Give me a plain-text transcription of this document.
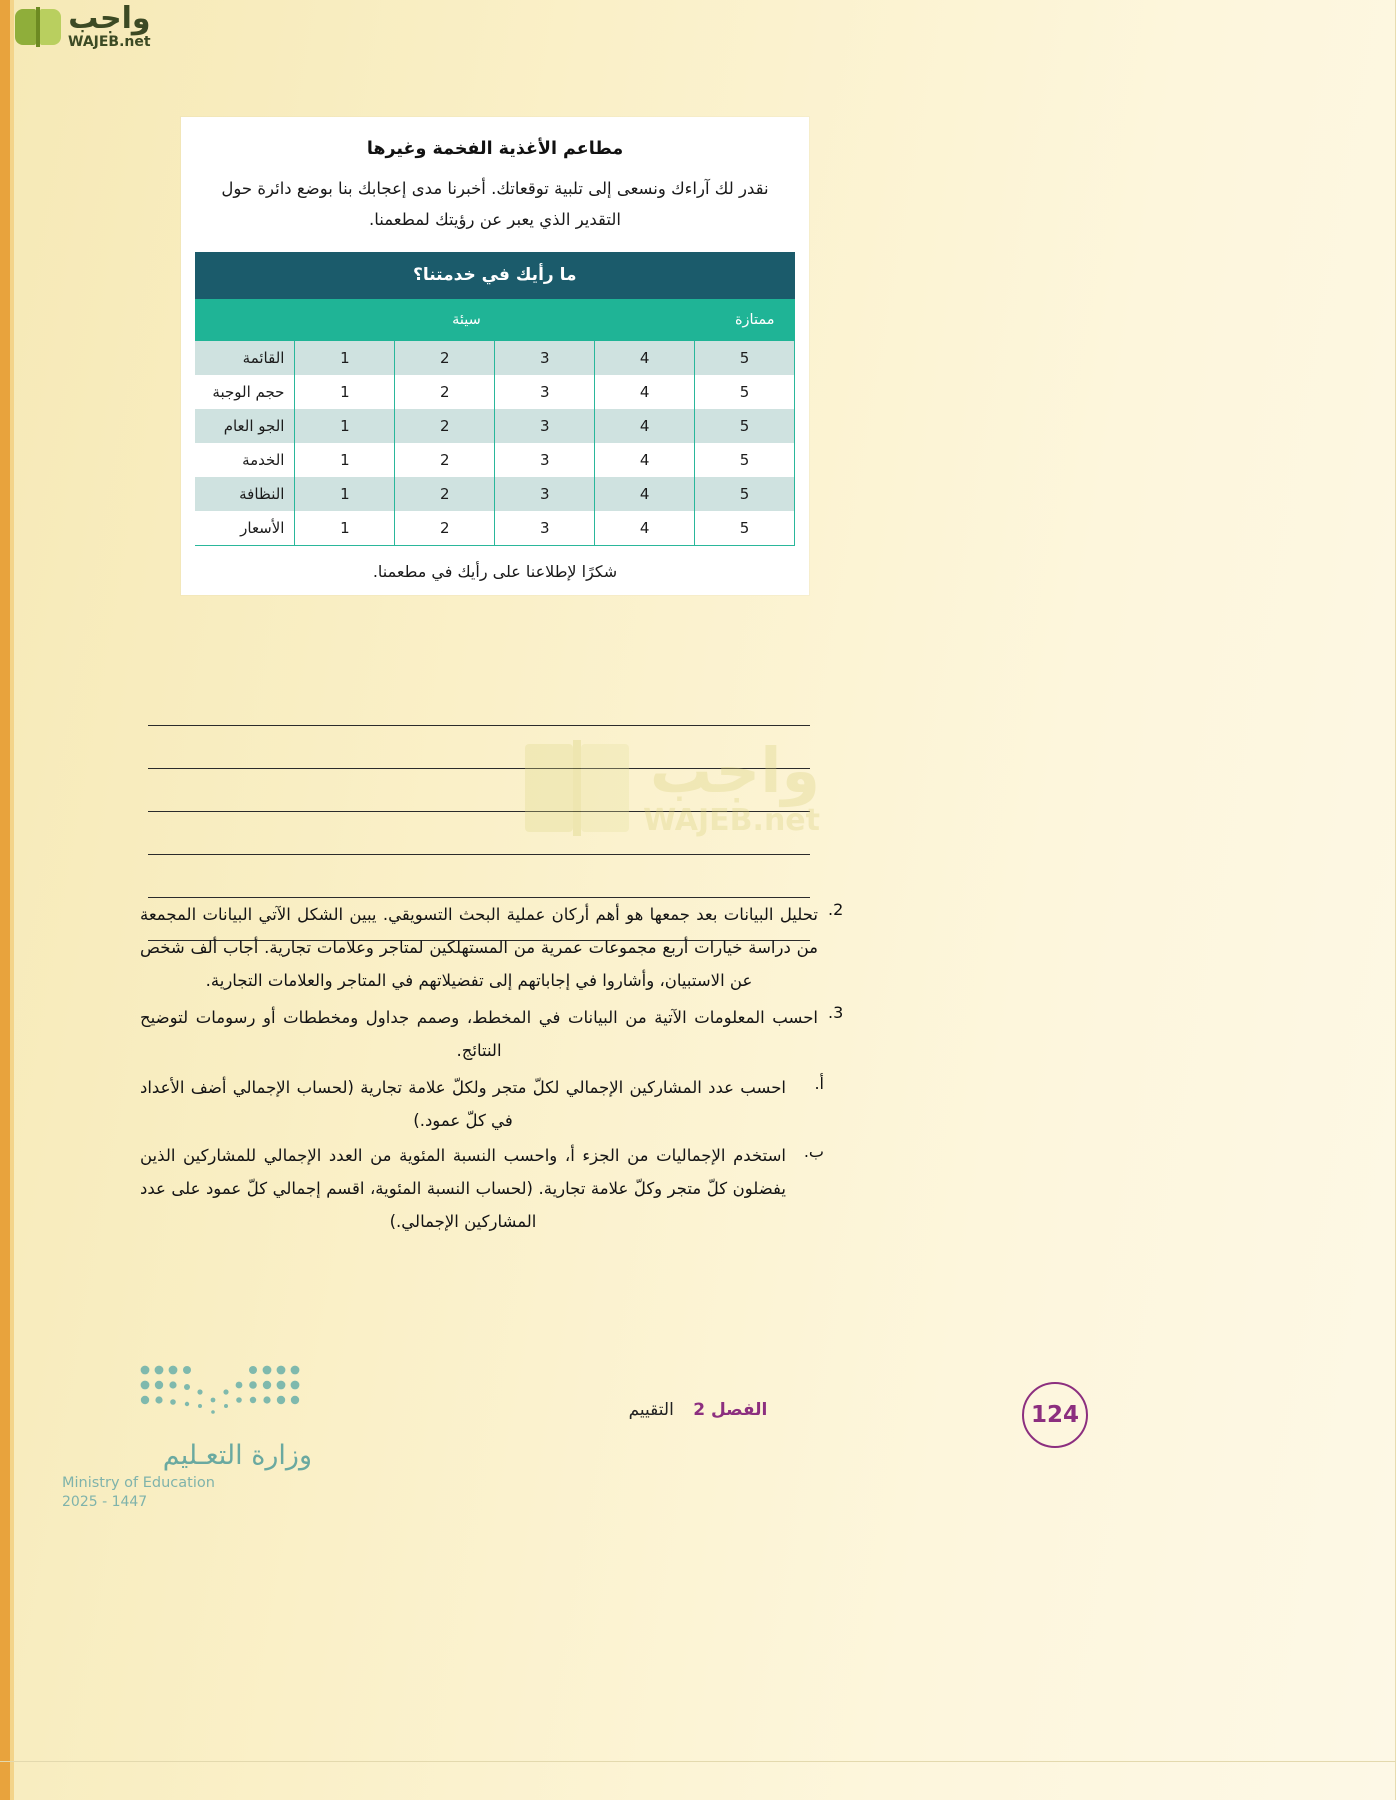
واجب
WAJEB.net
مطاعم الأغذية الفخمة وغيرها
نقدر لك آراءك ونسعى إلى تلبية توقعاتك. أخبرنا مدى إعجابك بنا بوضع دائرة حول التقدير الذي يعبر عن رؤيتك لمطعمنا.
ما رأيك في خدمتنا؟					
ممتازة			سيئة		
5	4	3	2	1	القائمة
5	4	3	2	1	حجم الوجبة
5	4	3	2	1	الجو العام
5	4	3	2	1	الخدمة
5	4	3	2	1	النظافة
5	4	3	2	1	الأسعار
شكرًا لإطلاعنا على رأيك في مطعمنا.
واجب
WAJEB.net
2.
تحليل البيانات بعد جمعها هو أهم أركان عملية البحث التسويقي. يبين الشكل الآتي البيانات المجمعة من دراسة خيارات أربع مجموعات عمرية من المستهلكين لمتاجر وعلامات تجارية. أجاب ألف شخص عن الاستبيان، وأشاروا في إجاباتهم إلى تفضيلاتهم في المتاجر والعلامات التجارية.
3.
احسب المعلومات الآتية من البيانات في المخطط، وصمم جداول ومخططات أو رسومات لتوضيح النتائج.
أ.
احسب عدد المشاركين الإجمالي لكلّ متجر ولكلّ علامة تجارية (لحساب الإجمالي أضف الأعداد في كلّ عمود.)
ب.
استخدم الإجماليات من الجزء أ، واحسب النسبة المئوية من العدد الإجمالي للمشاركين الذين يفضلون كلّ متجر وكلّ علامة تجارية. (لحساب النسبة المئوية، اقسم إجمالي كلّ عمود على عدد المشاركين الإجمالي.)
وزارة التعـليم
Ministry of Education
2025 - 1447
الفصل 2 التقييم	124
